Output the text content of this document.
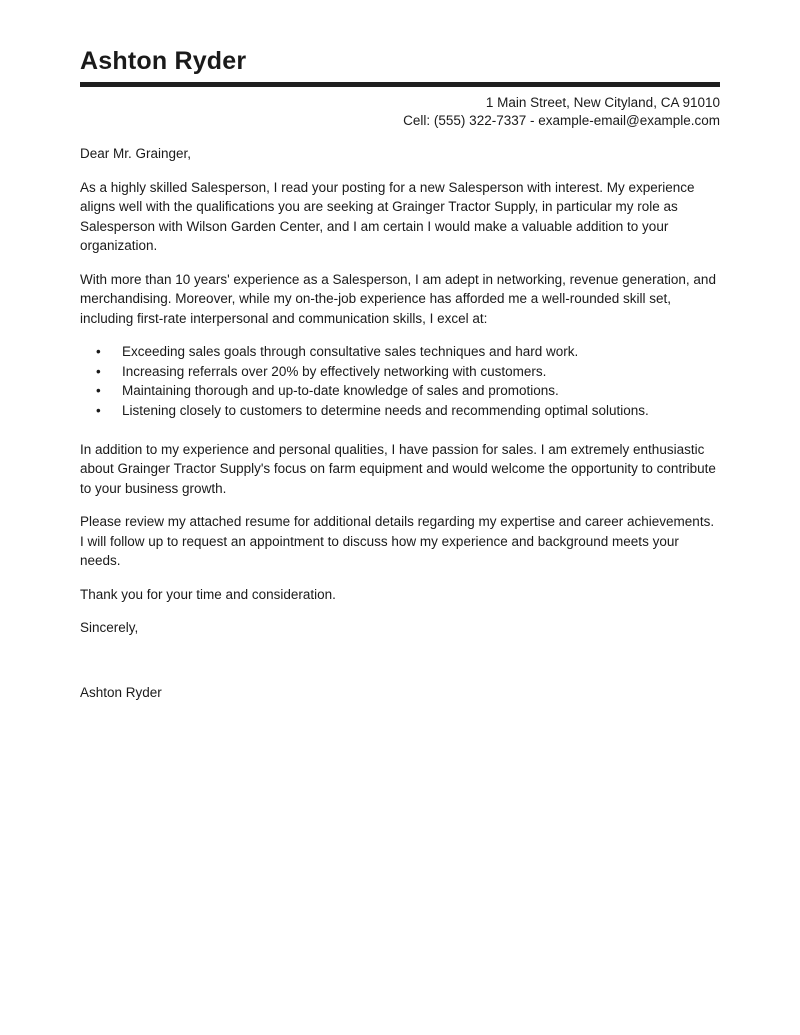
Ashton Ryder
1 Main Street, New Cityland, CA 91010
Cell: (555) 322-7337 - example-email@example.com

Dear Mr. Grainger,

As a highly skilled Salesperson, I read your posting for a new Salesperson with interest. My experience aligns well with the qualifications you are seeking at Grainger Tractor Supply, in particular my role as Salesperson with Wilson Garden Center, and I am certain I would make a valuable addition to your organization.

With more than 10 years' experience as a Salesperson, I am adept in networking, revenue generation, and merchandising. Moreover, while my on-the-job experience has afforded me a well-rounded skill set, including first-rate interpersonal and communication skills, I excel at:

•	Exceeding sales goals through consultative sales techniques and hard work.
•	Increasing referrals over 20% by effectively networking with customers.
•	Maintaining thorough and up-to-date knowledge of sales and promotions.
•	Listening closely to customers to determine needs and recommending optimal solutions.

In addition to my experience and personal qualities, I have passion for sales. I am extremely enthusiastic about Grainger Tractor Supply's focus on farm equipment and would welcome the opportunity to contribute to your business growth.

Please review my attached resume for additional details regarding my expertise and career achievements. I will follow up to request an appointment to discuss how my experience and background meets your needs.

Thank you for your time and consideration.

Sincerely,

Ashton Ryder
